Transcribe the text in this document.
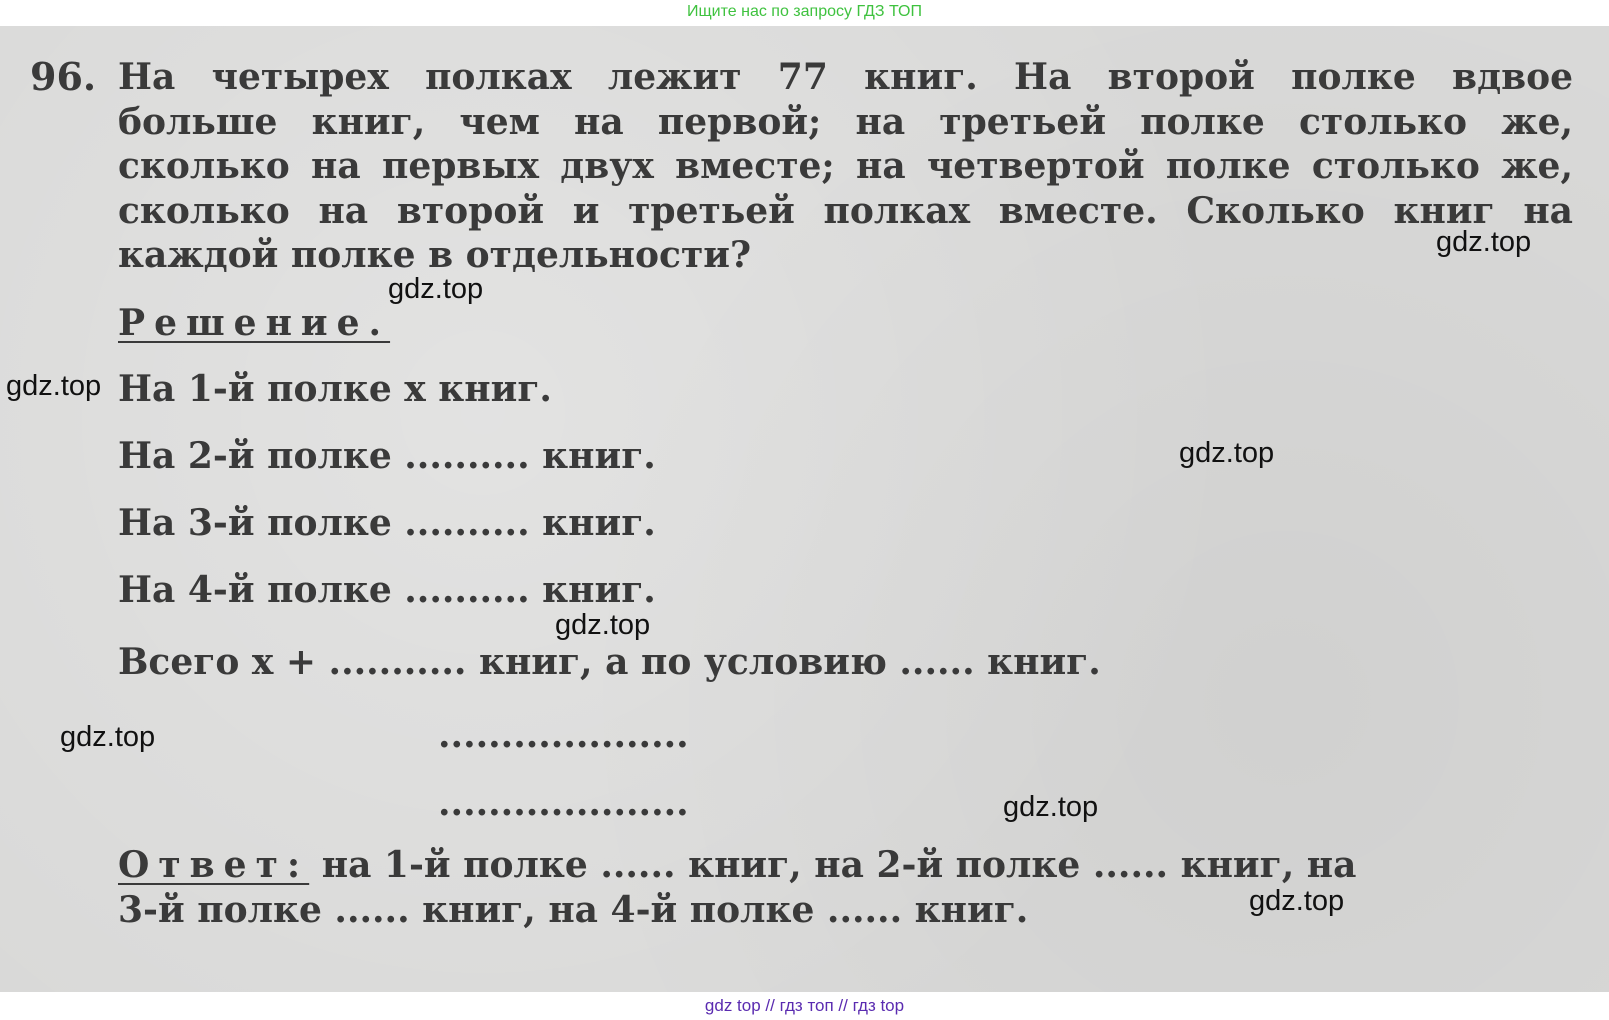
Ищите нас по запросу ГДЗ ТОП
96. На четырех полках лежит 77 книг. На второй полке вдвое
больше книг, чем на первой; на третьей полке столько же,
сколько на первых двух вместе; на четвертой полке столько же,
сколько на второй и третьей полках вместе. Сколько книг на
каждой полке в отдельности?
Решение.
На 1-й полке x книг.
На 2-й полке .......... книг.
На 3-й полке .......... книг.
На 4-й полке .......... книг.
Всего x + ........... книг, а по условию ...... книг.
....................
....................
Ответ: на 1-й полке ...... книг, на 2-й полке ...... книг, на
3-й полке ...... книг, на 4-й полке ...... книг.
gdz.top
gdz.top
gdz.top
gdz.top
gdz.top
gdz.top
gdz.top
gdz.top
gdz top // гдз топ // гдз top
